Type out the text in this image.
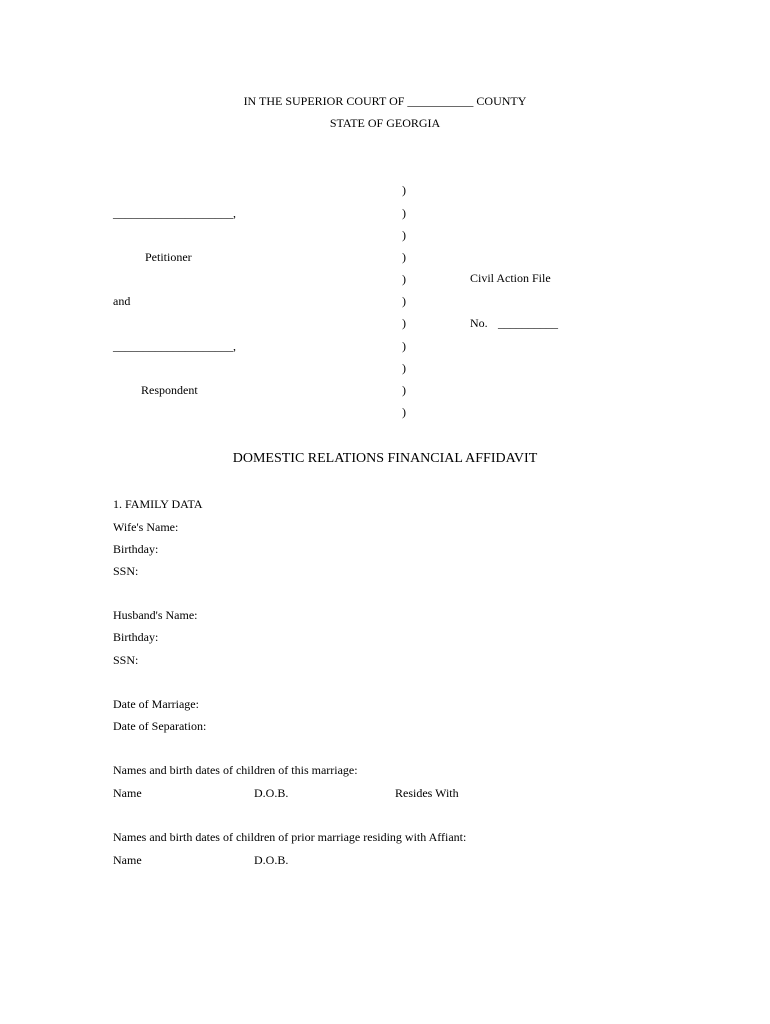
IN THE SUPERIOR COURT OF ___________ COUNTY
STATE OF GEORGIA
____________________,
Petitioner
and
____________________,
Respondent
)
)
)
)
)
)
)
)
)
)
)
Civil Action File
No. __________
DOMESTIC RELATIONS FINANCIAL AFFIDAVIT
1. FAMILY DATA
Wife's Name:
Birthday:
SSN:
Husband's Name:
Birthday:
SSN:
Date of Marriage:
Date of Separation:
Names and birth dates of children of this marriage:
Name	D.O.B.	Resides With
Names and birth dates of children of prior marriage residing with Affiant:
Name	D.O.B.
